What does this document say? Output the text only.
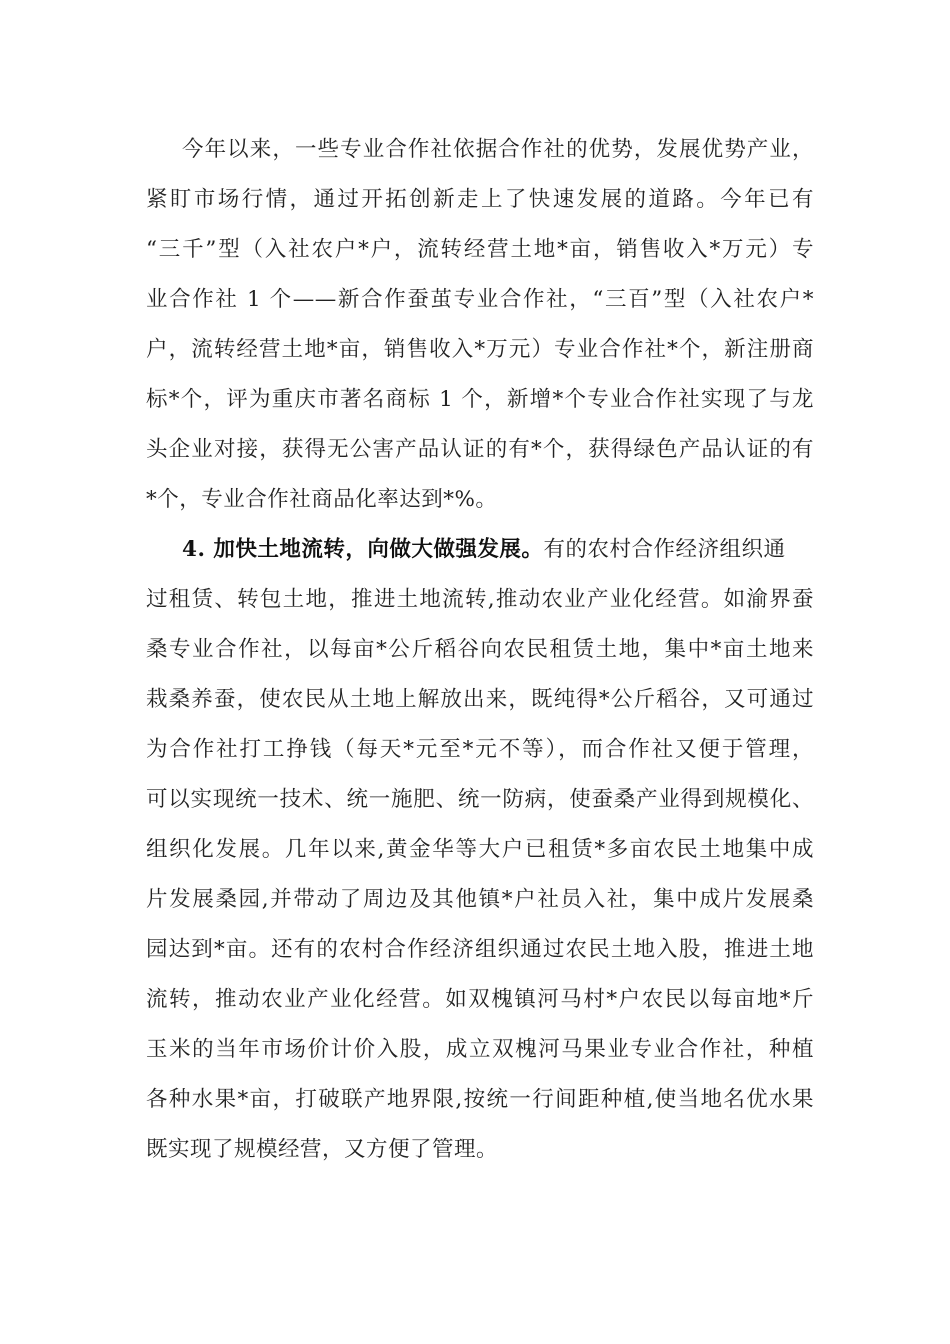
今年以来，一些专业合作社依据合作社的优势，发展优势产业，
紧盯市场行情，通过开拓创新走上了快速发展的道路。今年已有
“三千”型（入社农户*户，流转经营土地*亩，销售收入*万元）专
业合作社 1 个——新合作蚕茧专业合作社，“三百”型（入社农户*
户，流转经营土地*亩，销售收入*万元）专业合作社*个，新注册商
标*个，评为重庆市著名商标 1 个，新增*个专业合作社实现了与龙
头企业对接，获得无公害产品认证的有*个，获得绿色产品认证的有
*个，专业合作社商品化率达到*%。
4. 加快土地流转，向做大做强发展。有的农村合作经济组织通
过租赁、转包土地，推进土地流转,推动农业产业化经营。如渝界蚕
桑专业合作社，以每亩*公斤稻谷向农民租赁土地，集中*亩土地来
栽桑养蚕，使农民从土地上解放出来，既纯得*公斤稻谷，又可通过
为合作社打工挣钱（每天*元至*元不等），而合作社又便于管理，
可以实现统一技术、统一施肥、统一防病，使蚕桑产业得到规模化、
组织化发展。几年以来,黄金华等大户已租赁*多亩农民土地集中成
片发展桑园,并带动了周边及其他镇*户社员入社，集中成片发展桑
园达到*亩。还有的农村合作经济组织通过农民土地入股，推进土地
流转，推动农业产业化经营。如双槐镇河马村*户农民以每亩地*斤
玉米的当年市场价计价入股，成立双槐河马果业专业合作社，种植
各种水果*亩，打破联产地界限,按统一行间距种植,使当地名优水果
既实现了规模经营，又方便了管理。
